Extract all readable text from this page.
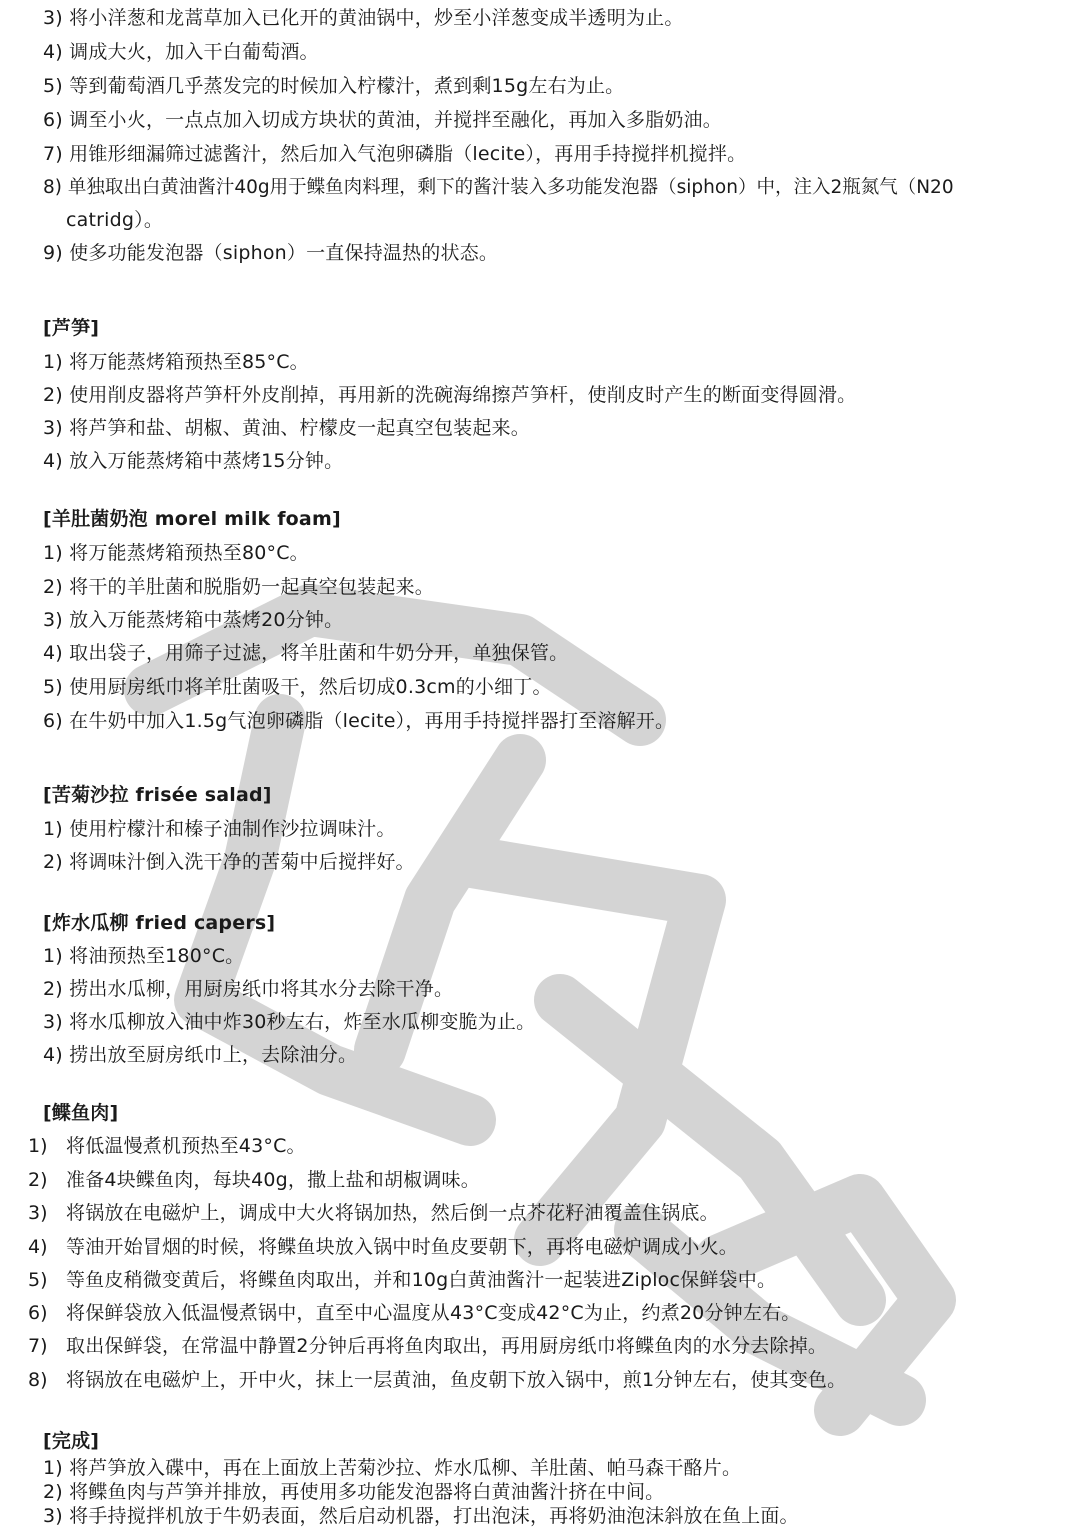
3) 将小洋葱和龙蒿草加入已化开的黄油锅中，炒至小洋葱变成半透明为止。
4) 调成大火，加入干白葡萄酒。
5) 等到葡萄酒几乎蒸发完的时候加入柠檬汁，煮到剩15g左右为止。
6) 调至小火，一点点加入切成方块状的黄油，并搅拌至融化，再加入多脂奶油。
7) 用锥形细漏筛过滤酱汁，然后加入气泡卵磷脂（lecite），再用手持搅拌机搅拌。
8) 单独取出白黄油酱汁40g用于鲽鱼肉料理，剩下的酱汁装入多功能发泡器（siphon）中，注入2瓶氮气（N20
catridg）。
9) 使多功能发泡器（siphon）一直保持温热的状态。
[芦笋]
1) 将万能蒸烤箱预热至85°C。
2) 使用削皮器将芦笋杆外皮削掉，再用新的洗碗海绵擦芦笋杆，使削皮时产生的断面变得圆滑。
3) 将芦笋和盐、胡椒、黄油、柠檬皮一起真空包装起来。
4) 放入万能蒸烤箱中蒸烤15分钟。
[羊肚菌奶泡 morel milk foam]
1) 将万能蒸烤箱预热至80°C。
2) 将干的羊肚菌和脱脂奶一起真空包装起来。
3) 放入万能蒸烤箱中蒸烤20分钟。
4) 取出袋子，用筛子过滤，将羊肚菌和牛奶分开，单独保管。
5) 使用厨房纸巾将羊肚菌吸干，然后切成0.3cm的小细丁。
6) 在牛奶中加入1.5g气泡卵磷脂（lecite），再用手持搅拌器打至溶解开。
[苦菊沙拉 frisée salad]
1) 使用柠檬汁和榛子油制作沙拉调味汁。
2) 将调味汁倒入洗干净的苦菊中后搅拌好。
[炸水瓜柳 fried capers]
1) 将油预热至180°C。
2) 捞出水瓜柳，用厨房纸巾将其水分去除干净。
3) 将水瓜柳放入油中炸30秒左右，炸至水瓜柳变脆为止。
4) 捞出放至厨房纸巾上，去除油分。
[鲽鱼肉]
1) 将低温慢煮机预热至43°C。
2) 准备4块鲽鱼肉，每块40g，撒上盐和胡椒调味。
3) 将锅放在电磁炉上，调成中大火将锅加热，然后倒一点芥花籽油覆盖住锅底。
4) 等油开始冒烟的时候，将鲽鱼块放入锅中时鱼皮要朝下，再将电磁炉调成小火。
5) 等鱼皮稍微变黄后，将鲽鱼肉取出，并和10g白黄油酱汁一起装进Ziploc保鲜袋中。
6) 将保鲜袋放入低温慢煮锅中，直至中心温度从43°C变成42°C为止，约煮20分钟左右。
7) 取出保鲜袋，在常温中静置2分钟后再将鱼肉取出，再用厨房纸巾将鲽鱼肉的水分去除掉。
8) 将锅放在电磁炉上，开中火，抹上一层黄油，鱼皮朝下放入锅中，煎1分钟左右，使其变色。
[完成]
1) 将芦笋放入碟中，再在上面放上苦菊沙拉、炸水瓜柳、羊肚菌、帕马森干酪片。
2) 将鲽鱼肉与芦笋并排放，再使用多功能发泡器将白黄油酱汁挤在中间。
3) 将手持搅拌机放于牛奶表面，然后启动机器，打出泡沫，再将奶油泡沫斜放在鱼上面。
